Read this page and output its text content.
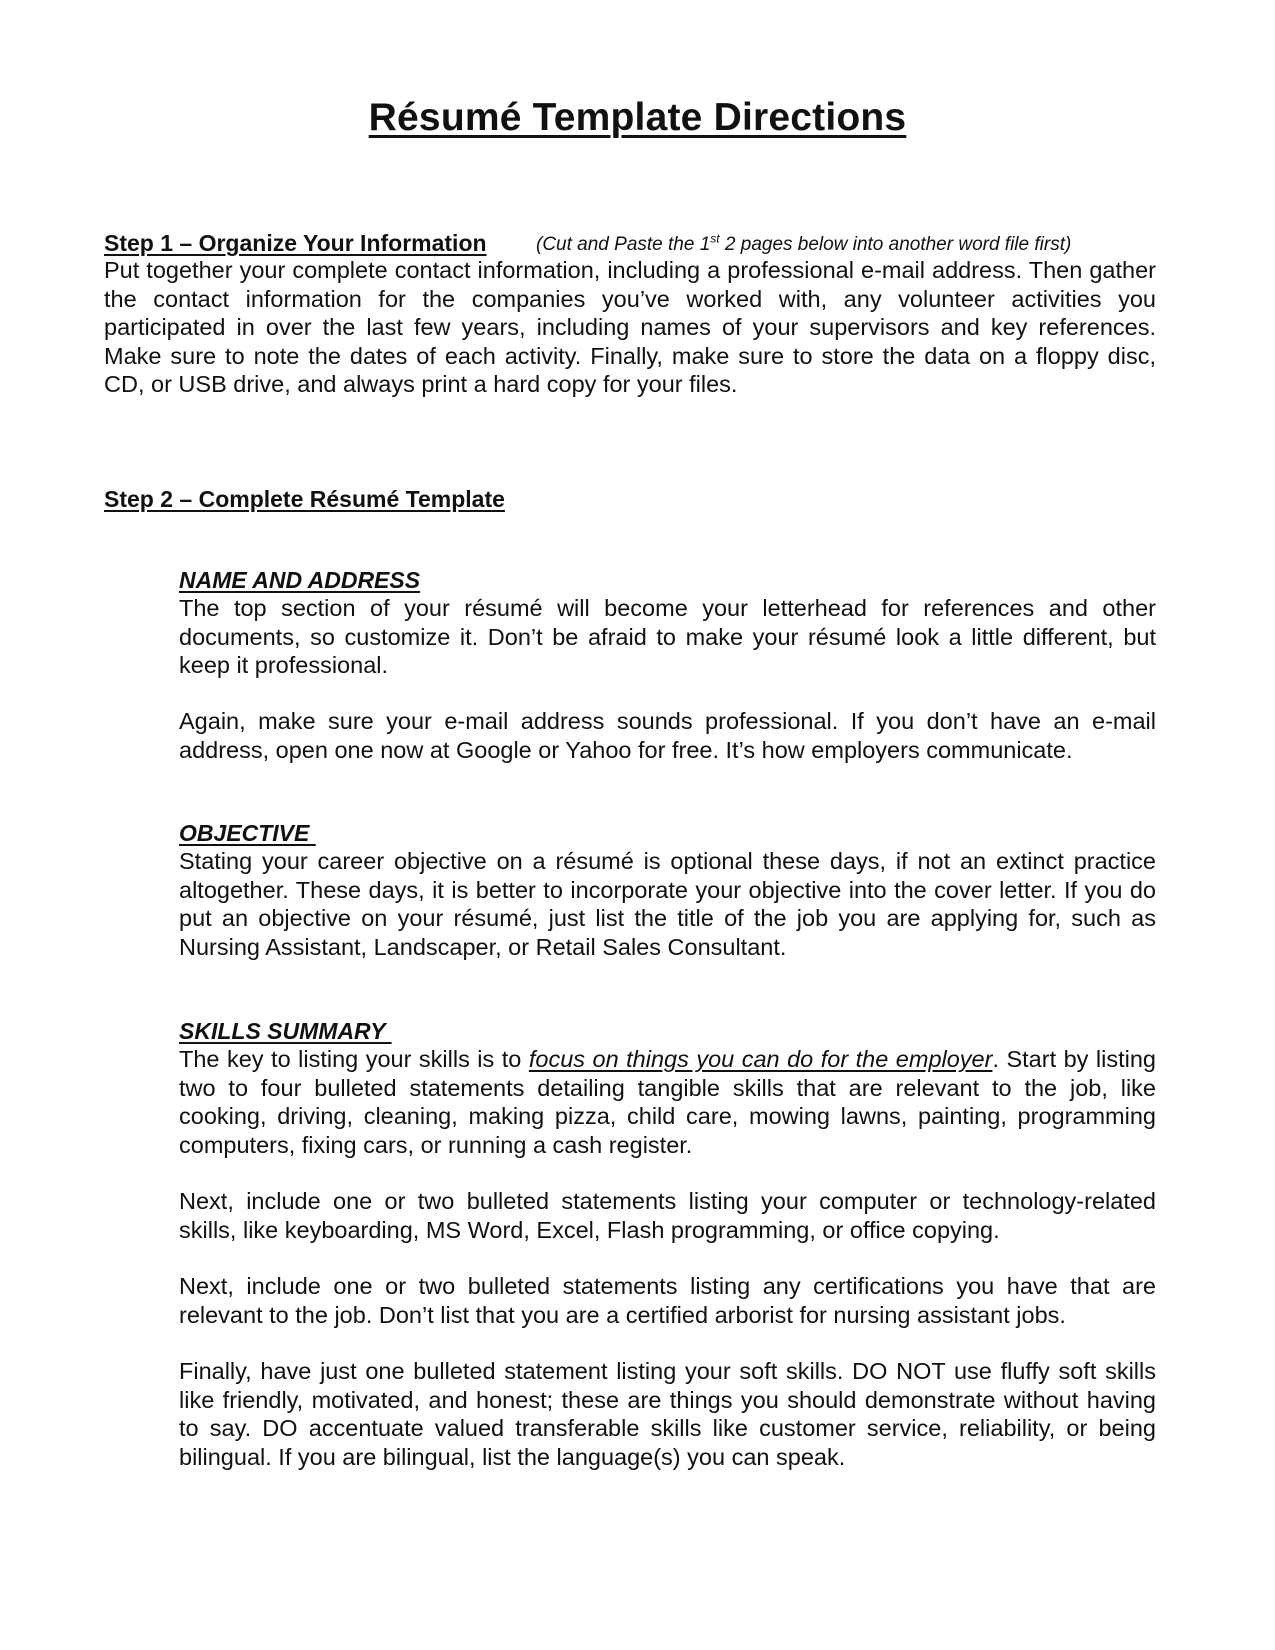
Résumé Template Directions
Step 1 – Organize Your Information	(Cut and Paste the 1st 2 pages below into another word file first)

Put together your complete contact information, including a professional e-mail address. Then gather the contact information for the companies you’ve worked with, any volunteer activities you participated in over the last few years, including names of your supervisors and key references. Make sure to note the dates of each activity. Finally, make sure to store the data on a floppy disc, CD, or USB drive, and always print a hard copy for your files.

Step 2 – Complete Résumé Template
NAME AND ADDRESS

The top section of your résumé will become your letterhead for references and other documents, so customize it. Don’t be afraid to make your résumé look a little different, but keep it professional.

Again, make sure your e-mail address sounds professional. If you don’t have an e-mail address, open one now at Google or Yahoo for free. It’s how employers communicate.

OBJECTIVE

Stating your career objective on a résumé is optional these days, if not an extinct practice altogether. These days, it is better to incorporate your objective into the cover letter. If you do put an objective on your résumé, just list the title of the job you are applying for, such as Nursing Assistant, Landscaper, or Retail Sales Consultant.

SKILLS SUMMARY

The key to listing your skills is to focus on things you can do for the employer. Start by listing two to four bulleted statements detailing tangible skills that are relevant to the job, like cooking, driving, cleaning, making pizza, child care, mowing lawns, painting, programming computers, fixing cars, or running a cash register.

Next, include one or two bulleted statements listing your computer or technology-related skills, like keyboarding, MS Word, Excel, Flash programming, or office copying.

Next, include one or two bulleted statements listing any certifications you have that are relevant to the job. Don’t list that you are a certified arborist for nursing assistant jobs.

Finally, have just one bulleted statement listing your soft skills. DO NOT use fluffy soft skills like friendly, motivated, and honest; these are things you should demonstrate without having to say. DO accentuate valued transferable skills like customer service, reliability, or being bilingual. If you are bilingual, list the language(s) you can speak.
